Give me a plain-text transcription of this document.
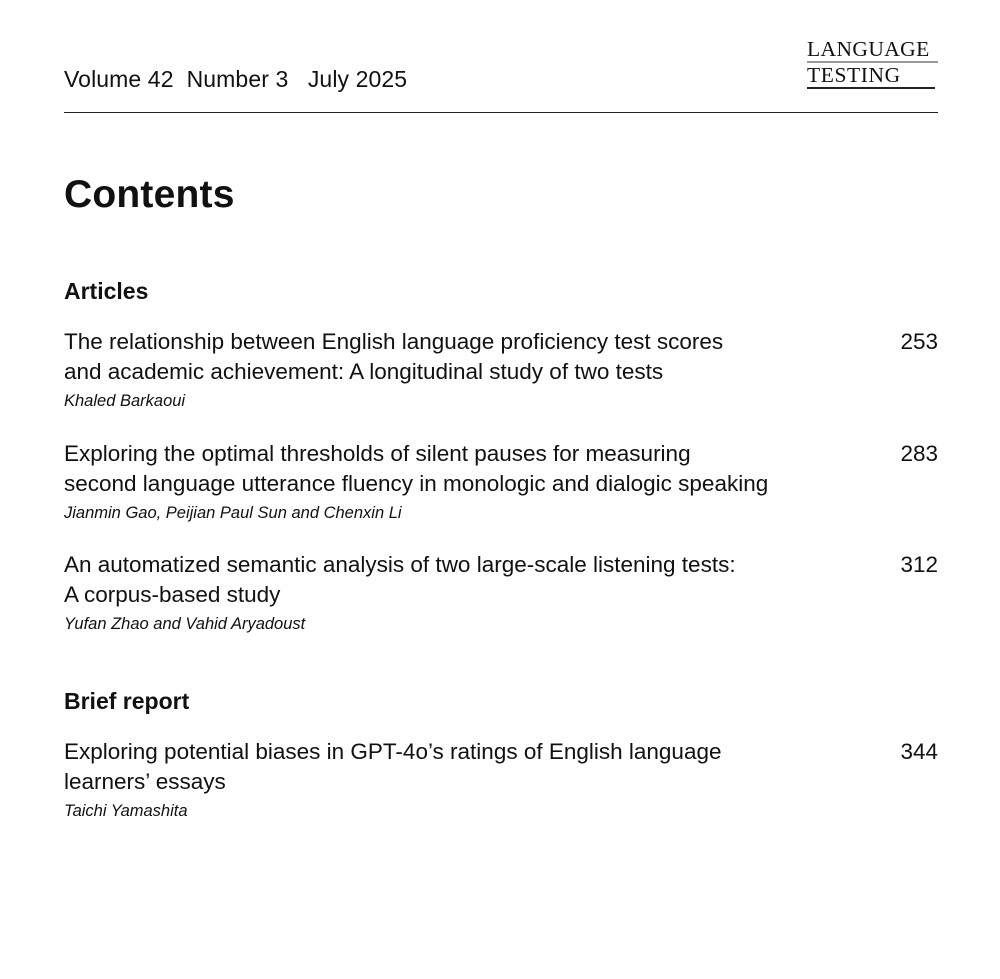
Volume 42  Number 3   July 2025
LANGUAGE
TESTING
Contents
Articles
The relationship between English language proficiency test scores
and academic achievement: A longitudinal study of two tests
253
Khaled Barkaoui
Exploring the optimal thresholds of silent pauses for measuring
second language utterance fluency in monologic and dialogic speaking
283
Jianmin Gao, Peijian Paul Sun and Chenxin Li
An automatized semantic analysis of two large-scale listening tests:
A corpus-based study
312
Yufan Zhao and Vahid Aryadoust
Brief report
Exploring potential biases in GPT-4o’s ratings of English language
learners’ essays
344
Taichi Yamashita
